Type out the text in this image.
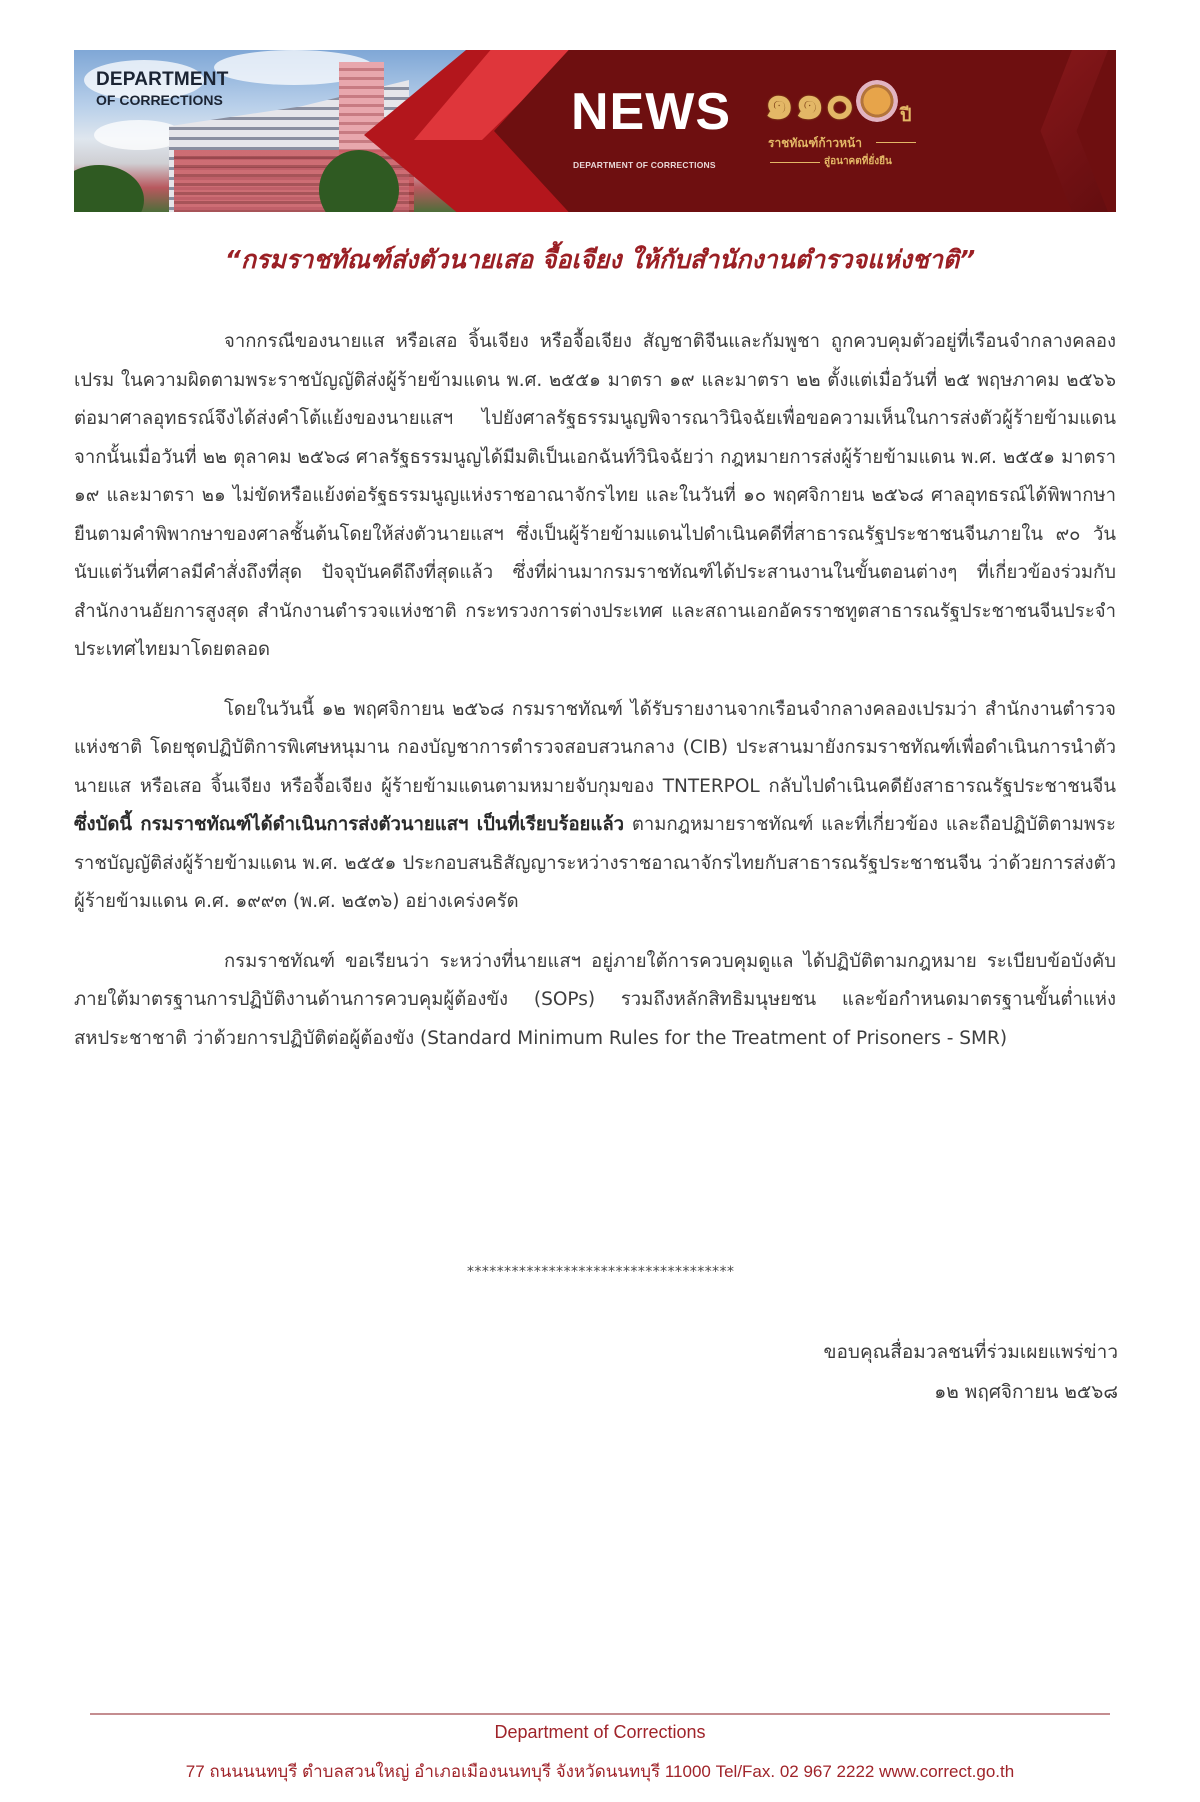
DEPARTMENT
OF CORRECTIONS	NEWS
DEPARTMENT OF CORRECTIONS
๑๑๐	ปี
ราชทัณฑ์ก้าวหน้า
สู่อนาคตที่ยั่งยืน
“กรมราชทัณฑ์ส่งตัวนายเสอ จื้อเจียง ให้กับสำนักงานตำรวจแห่งชาติ”

จากกรณีของนายแส หรือเสอ จิ้นเจียง หรือจื้อเจียง สัญชาติจีนและกัมพูชา ถูกควบคุมตัวอยู่ที่เรือนจำกลางคลองเปรม ในความผิดตามพระราชบัญญัติส่งผู้ร้ายข้ามแดน พ.ศ. ๒๕๕๑ มาตรา ๑๙ และมาตรา ๒๒ ตั้งแต่เมื่อวันที่ ๒๕ พฤษภาคม ๒๕๖๖ ต่อมาศาลอุทธรณ์จึงได้ส่งคำโต้แย้งของนายแสฯ ไปยังศาลรัฐธรรมนูญพิจารณาวินิจฉัยเพื่อขอความเห็นในการส่งตัวผู้ร้ายข้ามแดน จากนั้นเมื่อวันที่ ๒๒ ตุลาคม ๒๕๖๘ ศาลรัฐธรรมนูญได้มีมติเป็นเอกฉันท์วินิจฉัยว่า กฎหมายการส่งผู้ร้ายข้ามแดน พ.ศ. ๒๕๕๑ มาตรา ๑๙ และมาตรา ๒๑ ไม่ขัดหรือแย้งต่อรัฐธรรมนูญแห่งราชอาณาจักรไทย และในวันที่ ๑๐ พฤศจิกายน ๒๕๖๘ ศาลอุทธรณ์ได้พิพากษายืนตามคำพิพากษาของศาลชั้นต้นโดยให้ส่งตัวนายแสฯ ซึ่งเป็นผู้ร้ายข้ามแดนไปดำเนินคดีที่สาธารณรัฐประชาชนจีนภายใน ๙๐ วันนับแต่วันที่ศาลมีคำสั่งถึงที่สุด ปัจจุบันคดีถึงที่สุดแล้ว ซึ่งที่ผ่านมากรมราชทัณฑ์ได้ประสานงานในขั้นตอนต่างๆ ที่เกี่ยวข้องร่วมกับสำนักงานอัยการสูงสุด สำนักงานตำรวจแห่งชาติ กระทรวงการต่างประเทศ และสถานเอกอัครราชทูตสาธารณรัฐประชาชนจีนประจำประเทศไทยมาโดยตลอด

โดยในวันนี้ ๑๒ พฤศจิกายน ๒๕๖๘ กรมราชทัณฑ์ ได้รับรายงานจากเรือนจำกลางคลองเปรมว่า สำนักงานตำรวจแห่งชาติ โดยชุดปฏิบัติการพิเศษหนุมาน กองบัญชาการตำรวจสอบสวนกลาง (CIB) ประสานมายังกรมราชทัณฑ์เพื่อดำเนินการนำตัว นายแส หรือเสอ จิ้นเจียง หรือจื้อเจียง ผู้ร้ายข้ามแดนตามหมายจับกุมของ TNTERPOL กลับไปดำเนินคดียังสาธารณรัฐประชาชนจีน ซึ่งบัดนี้ กรมราชทัณฑ์ได้ดำเนินการส่งตัวนายแสฯ เป็นที่เรียบร้อยแล้ว ตามกฎหมายราชทัณฑ์ และที่เกี่ยวข้อง และถือปฏิบัติตามพระราชบัญญัติส่งผู้ร้ายข้ามแดน พ.ศ. ๒๕๕๑ ประกอบสนธิสัญญาระหว่างราชอาณาจักรไทยกับสาธารณรัฐประชาชนจีน ว่าด้วยการส่งตัวผู้ร้ายข้ามแดน ค.ศ. ๑๙๙๓ (พ.ศ. ๒๕๓๖) อย่างเคร่งครัด

กรมราชทัณฑ์ ขอเรียนว่า ระหว่างที่นายแสฯ อยู่ภายใต้การควบคุมดูแล ได้ปฏิบัติตามกฎหมาย ระเบียบข้อบังคับ ภายใต้มาตรฐานการปฏิบัติงานด้านการควบคุมผู้ต้องขัง (SOPs) รวมถึงหลักสิทธิมนุษยชน และข้อกำหนดมาตรฐานขั้นต่ำแห่งสหประชาชาติ ว่าด้วยการปฏิบัติต่อผู้ต้องขัง (Standard Minimum Rules for the Treatment of Prisoners - SMR)

************************************
ขอบคุณสื่อมวลชนที่ร่วมเผยแพร่ข่าว
๑๒ พฤศจิกายน ๒๕๖๘
Department of Corrections
77 ถนนนนทบุรี ตำบลสวนใหญ่ อำเภอเมืองนนทบุรี จังหวัดนนทบุรี 11000 Tel/Fax. 02 967 2222 www.correct.go.th
